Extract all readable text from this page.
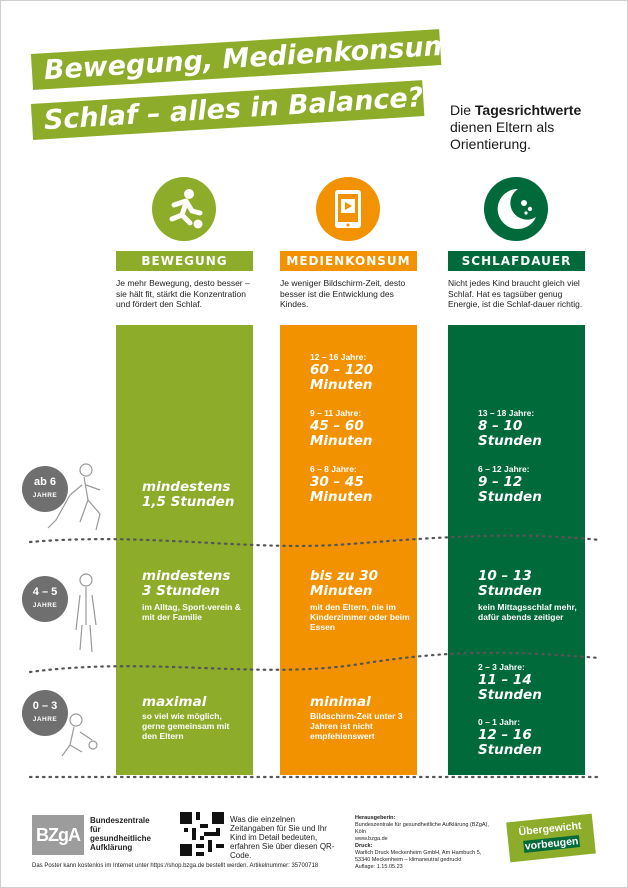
Bewegung, Medienkonsum,
Schlaf – alles in Balance? Die Tagesrichtwerte
dienen Eltern als
Orientierung.
BEWEGUNG	MEDIENKONSUM	SCHLAFDAUER
Je mehr Bewegung, desto besser – sie hält fit, stärkt die Konzentration und fördert den Schlaf.
Je weniger Bildschirm-Zeit, desto besser ist die Entwicklung des Kindes.
Nicht jedes Kind braucht gleich viel Schlaf. Hat es tagsüber genug Energie, ist die Schlaf-dauer richtig.
mindestens 1,5 Stunden
mindestens 3 Stunden
im Alltag, Sport-verein & mit der Familie
maximal
so viel wie möglich, gerne gemeinsam mit den Eltern
12 – 16 Jahre:
60 – 120 Minuten
9 – 11 Jahre:
45 – 60 Minuten
6 – 8 Jahre:
30 – 45 Minuten
bis zu 30 Minuten
mit den Eltern, nie im Kinderzimmer oder beim Essen
minimal
Bildschirm-Zeit unter 3 Jahren ist nicht empfehlenswert
13 – 18 Jahre:
8 – 10 Stunden
6 – 12 Jahre:
9 – 12 Stunden
10 – 13 Stunden
kein Mittagsschlaf mehr, dafür abends zeitiger
2 – 3 Jahre:
11 – 14 Stunden
0 – 1 Jahr:
12 – 16 Stunden
ab 6
JAHRE
4 – 5
JAHRE
0 – 3
JAHRE
BZgA
Bundeszentrale für gesundheitliche Aufklärung
Was die einzelnen Zeitangaben für Sie und Ihr Kind im Detail bedeuten, erfahren Sie über diesen QR-Code.
Herausgeberin:
Bundeszentrale für gesundheitliche Aufklärung (BZgA), Köln
www.bzga.de
Druck:
Warlich Druck Meckenheim GmbH, Am Hambuch 5, 53340 Meckenheim – klimaneutral gedruckt
Auflage: 1.15.05.23
Übergewicht
vorbeugen
Das Poster kann kostenlos im Internet unter https://shop.bzga.de bestellt werden. Artikelnummer: 35700718
